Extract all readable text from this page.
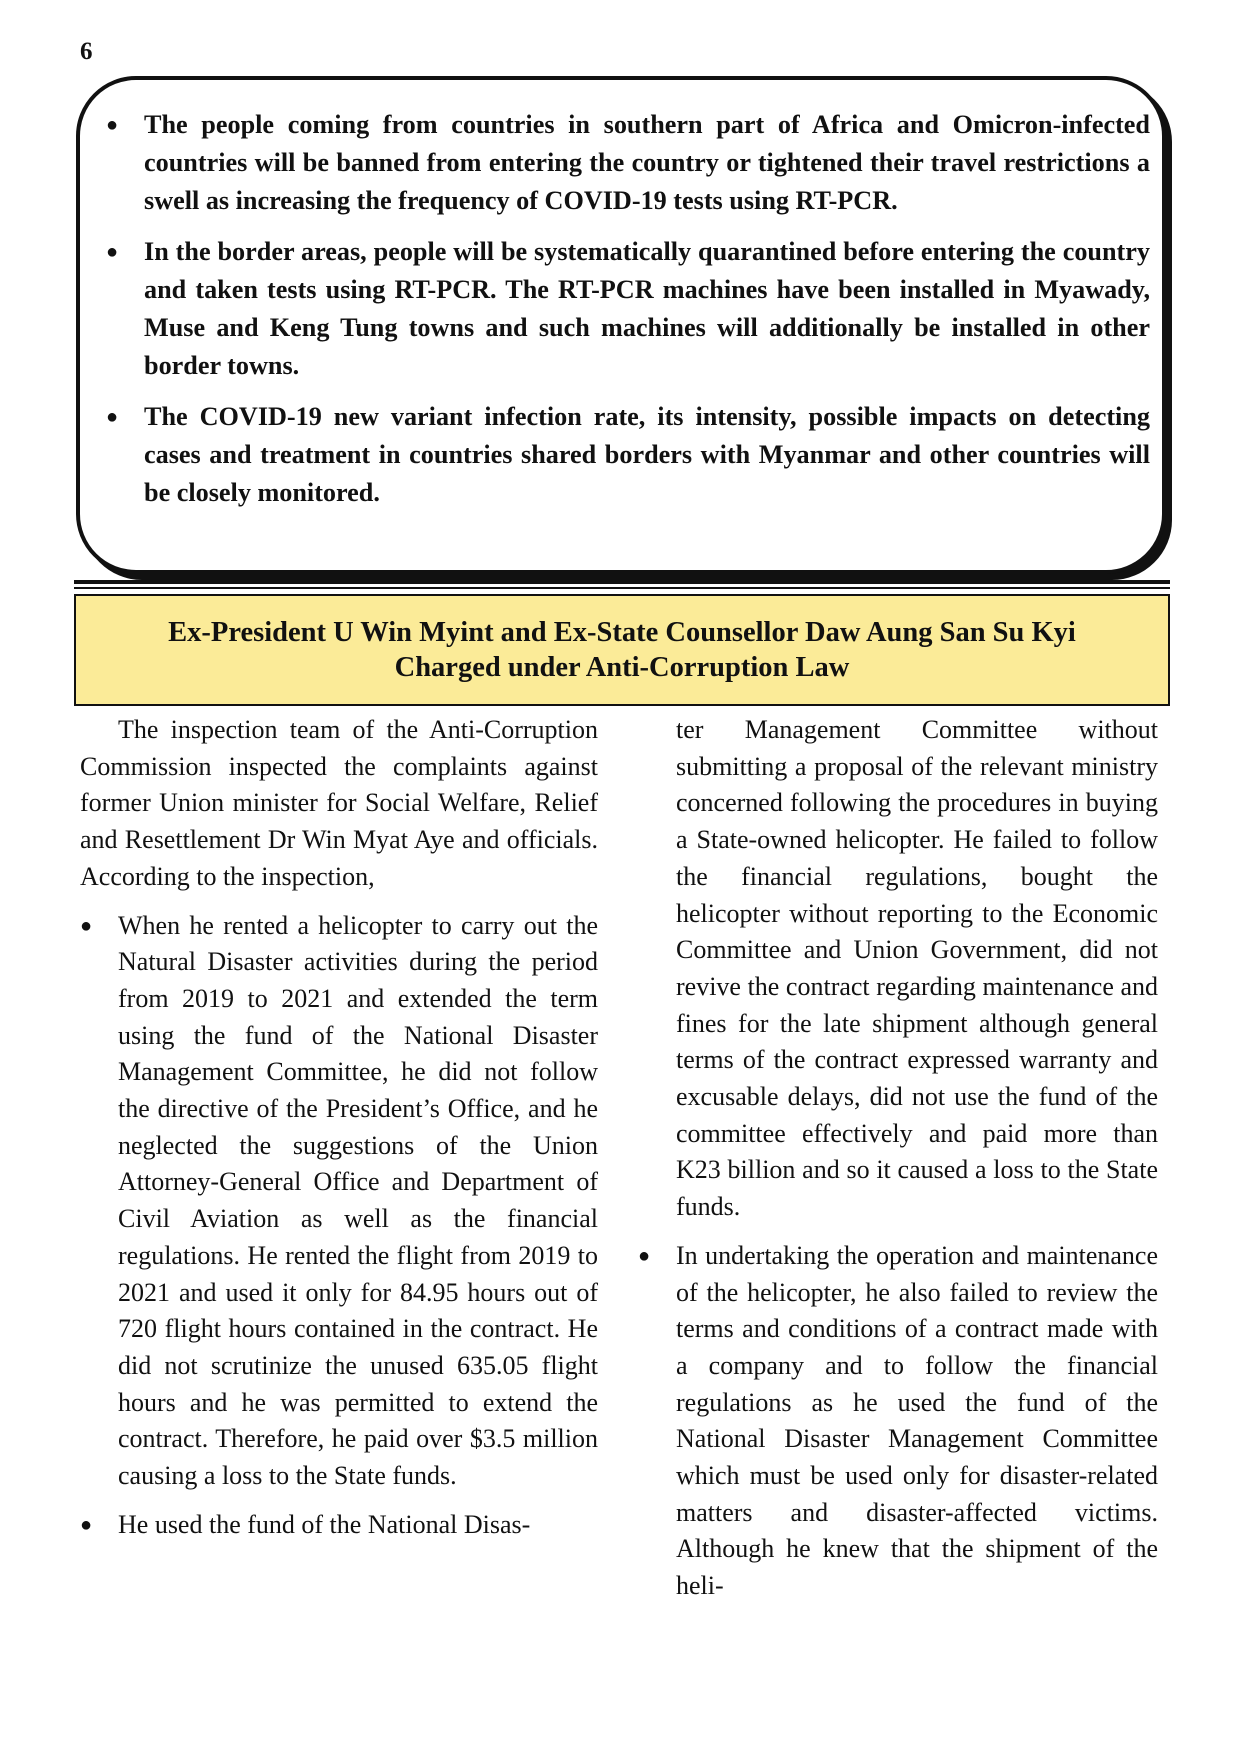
6
● The people coming from countries in southern part of Africa and Omicron-infected countries will be banned from entering the country or tightened their travel restrictions a swell as increasing the frequency of COVID-19 tests using RT-PCR.
● In the border areas, people will be systematically quarantined before entering the country and taken tests using RT-PCR. The RT-PCR machines have been installed in Myawady, Muse and Keng Tung towns and such machines will additionally be installed in other border towns.
● The COVID-19 new variant infection rate, its intensity, possible impacts on detecting cases and treatment in countries shared borders with Myanmar and other countries will be closely monitored.
Ex-President U Win Myint and Ex-State Counsellor Daw Aung San Su Kyi
Charged under Anti-Corruption Law

The inspection team of the Anti-Corruption Commission inspected the complaints against former Union minister for Social Welfare, Relief and Resettlement Dr Win Myat Aye and officials. According to the inspection,

● When he rented a helicopter to carry out the Natural Disaster activities during the period from 2019 to 2021 and extended the term using the fund of the National Disaster Management Committee, he did not follow the directive of the President’s Office, and he neglected the suggestions of the Union Attorney-General Office and Department of Civil Aviation as well as the financial regulations. He rented the flight from 2019 to 2021 and used it only for 84.95 hours out of 720 flight hours contained in the contract. He did not scrutinize the unused 635.05 flight hours and he was permitted to extend the contract. Therefore, he paid over $3.5 million causing a loss to the State funds.
● He used the fund of the National Disas-
ter Management Committee without submitting a proposal of the relevant ministry concerned following the procedures in buying a State-owned helicopter. He failed to follow the financial regulations, bought the helicopter without reporting to the Economic Committee and Union Government, did not revive the contract regarding maintenance and fines for the late shipment although general terms of the contract expressed warranty and excusable delays, did not use the fund of the committee effectively and paid more than K23 billion and so it caused a loss to the State funds.
● In undertaking the operation and maintenance of the helicopter, he also failed to review the terms and conditions of a contract made with a company and to follow the financial regulations as he used the fund of the National Disaster Management Committee which must be used only for disaster-related matters and disaster-affected victims. Although he knew that the shipment of the heli-
